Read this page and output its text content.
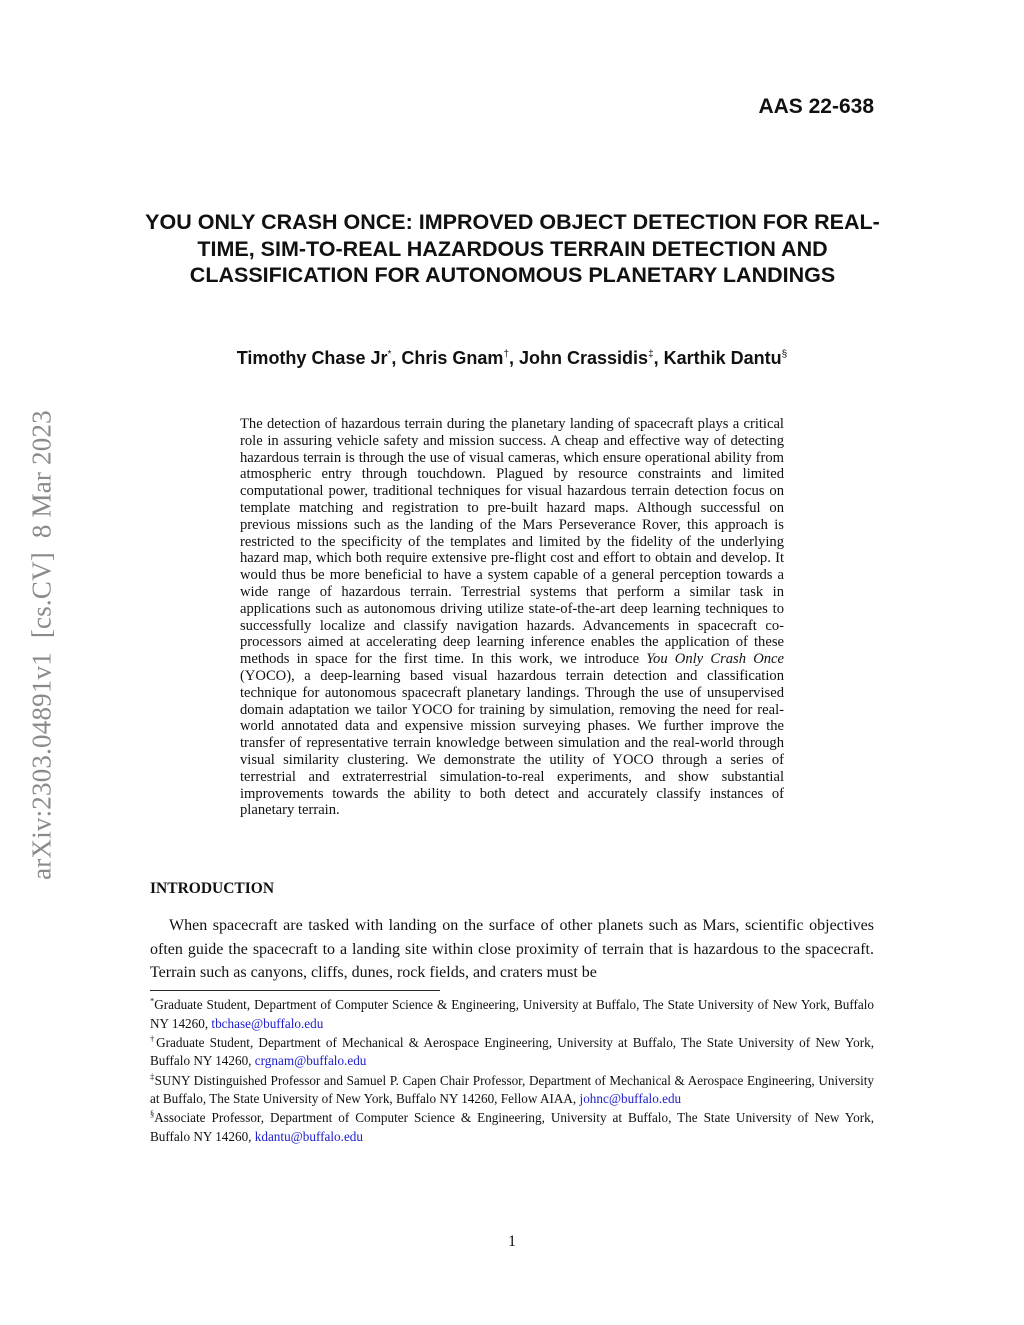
AAS 22-638
arXiv:2303.04891v1  [cs.CV]  8 Mar 2023
YOU ONLY CRASH ONCE: IMPROVED OBJECT DETECTION FOR REAL-TIME, SIM-TO-REAL HAZARDOUS TERRAIN DETECTION AND CLASSIFICATION FOR AUTONOMOUS PLANETARY LANDINGS
Timothy Chase Jr*, Chris Gnam†, John Crassidis‡, Karthik Dantu§

The detection of hazardous terrain during the planetary landing of spacecraft plays a critical role in assuring vehicle safety and mission success. A cheap and effective way of detecting hazardous terrain is through the use of visual cameras, which ensure operational ability from atmospheric entry through touchdown. Plagued by resource constraints and limited computational power, traditional techniques for visual hazardous terrain detection focus on template matching and registration to pre-built hazard maps. Although successful on previous missions such as the landing of the Mars Perseverance Rover, this approach is restricted to the specificity of the templates and limited by the fidelity of the underlying hazard map, which both require extensive pre-flight cost and effort to obtain and develop. It would thus be more beneficial to have a system capable of a general perception towards a wide range of hazardous terrain. Terrestrial systems that perform a similar task in applications such as autonomous driving utilize state-of-the-art deep learning techniques to successfully localize and classify navigation hazards. Advancements in spacecraft co-processors aimed at accelerating deep learning inference enables the application of these methods in space for the first time. In this work, we introduce You Only Crash Once (YOCO), a deep-learning based visual hazardous terrain detection and classification technique for autonomous spacecraft planetary landings. Through the use of unsupervised domain adaptation we tailor YOCO for training by simulation, removing the need for real-world annotated data and expensive mission surveying phases. We further improve the transfer of representative terrain knowledge between simulation and the real-world through visual similarity clustering. We demonstrate the utility of YOCO through a series of terrestrial and extraterrestrial simulation-to-real experiments, and show substantial improvements towards the ability to both detect and accurately classify instances of planetary terrain.

INTRODUCTION

When spacecraft are tasked with landing on the surface of other planets such as Mars, scientific objectives often guide the spacecraft to a landing site within close proximity of terrain that is hazardous to the spacecraft. Terrain such as canyons, cliffs, dunes, rock fields, and craters must be

*Graduate Student, Department of Computer Science & Engineering, University at Buffalo, The State University of New York, Buffalo NY 14260, tbchase@buffalo.edu

†Graduate Student, Department of Mechanical & Aerospace Engineering, University at Buffalo, The State University of New York, Buffalo NY 14260, crgnam@buffalo.edu

‡SUNY Distinguished Professor and Samuel P. Capen Chair Professor, Department of Mechanical & Aerospace Engineering, University at Buffalo, The State University of New York, Buffalo NY 14260, Fellow AIAA, johnc@buffalo.edu

§Associate Professor, Department of Computer Science & Engineering, University at Buffalo, The State University of New York, Buffalo NY 14260, kdantu@buffalo.edu

1
